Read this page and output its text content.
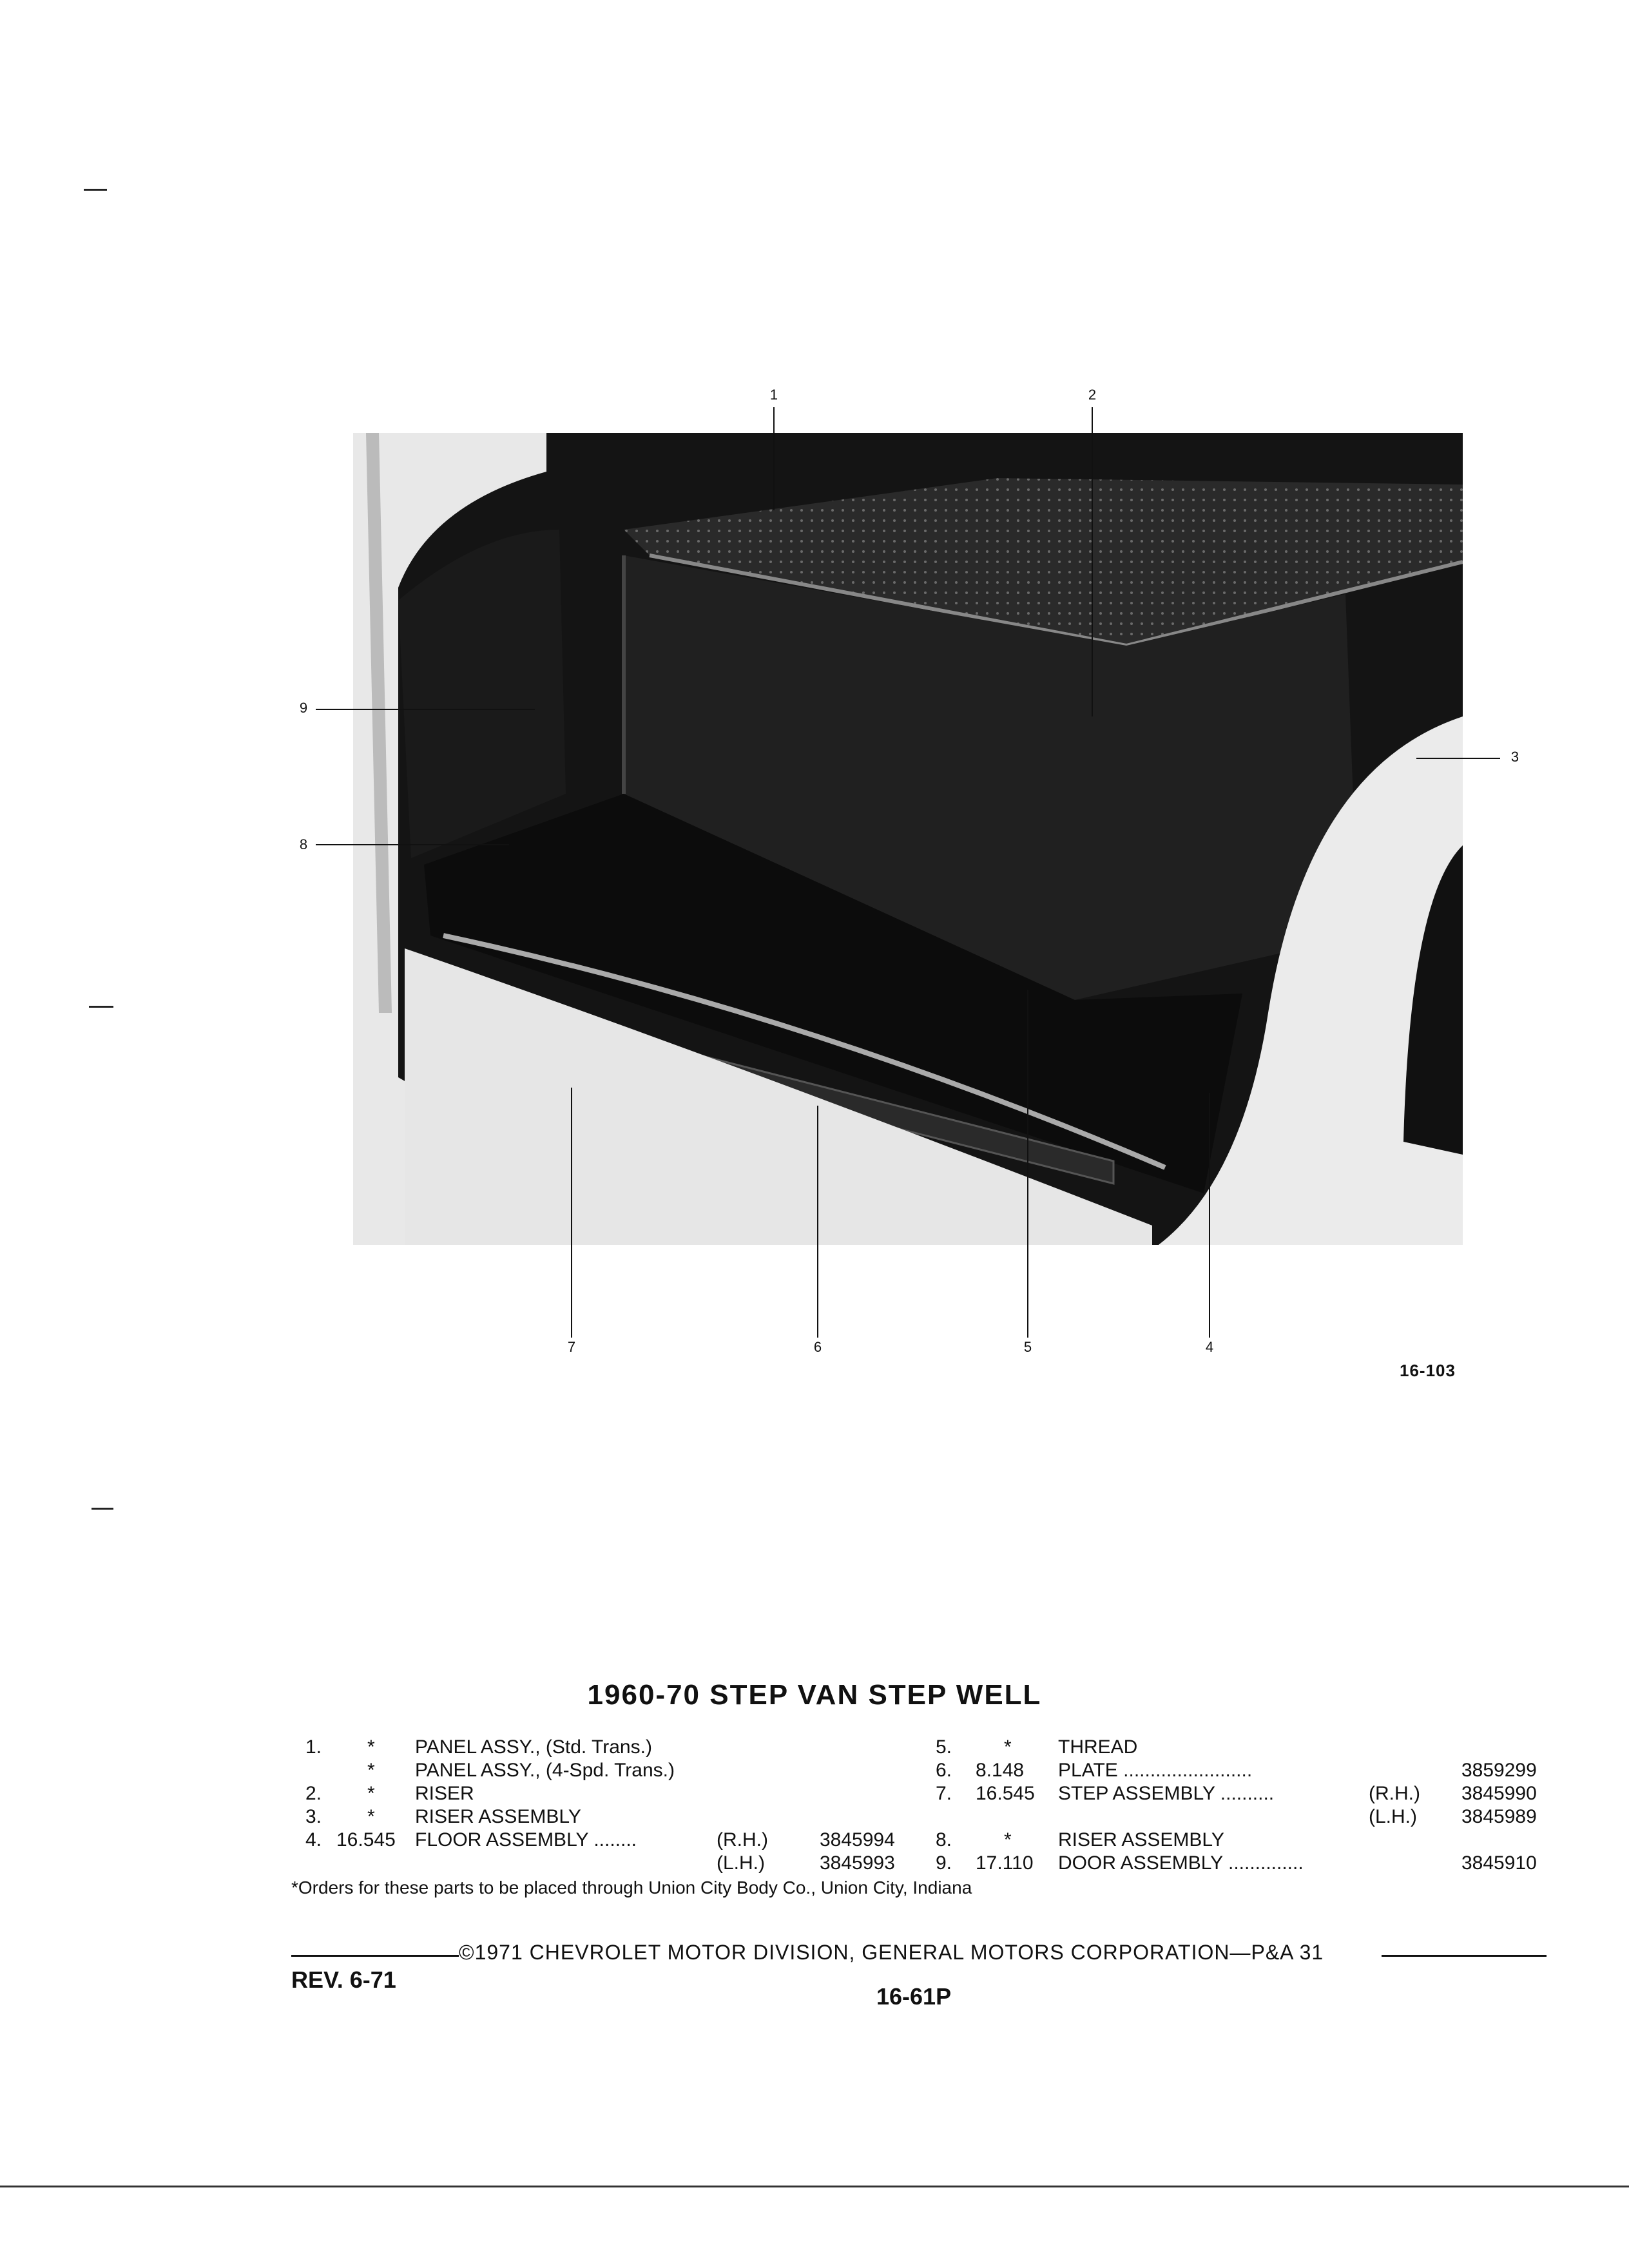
1	2
3
4
5
6
7
8
9
16-103
1960-70 STEP VAN STEP WELL
1. * PANEL ASSY., (Std. Trans.)
* PANEL ASSY., (4-Spd. Trans.)
2. * RISER
3. * RISER ASSEMBLY
4. 16.545 FLOOR ASSEMBLY ........	(R.H.)	3845994
(L.H.)	3845993
5.	* THREAD
6. 8.148 PLATE ........................	3859299
7. 16.545 STEP ASSEMBLY ..........	(R.H.) 3845990
(L.H.) 3845989
8.	* RISER ASSEMBLY
9. 17.110 DOOR ASSEMBLY ..............	3845910
*Orders for these parts to be placed through Union City Body Co., Union City, Indiana
©1971 CHEVROLET MOTOR DIVISION, GENERAL MOTORS CORPORATION—P&A 31
REV. 6-71
16-61P
